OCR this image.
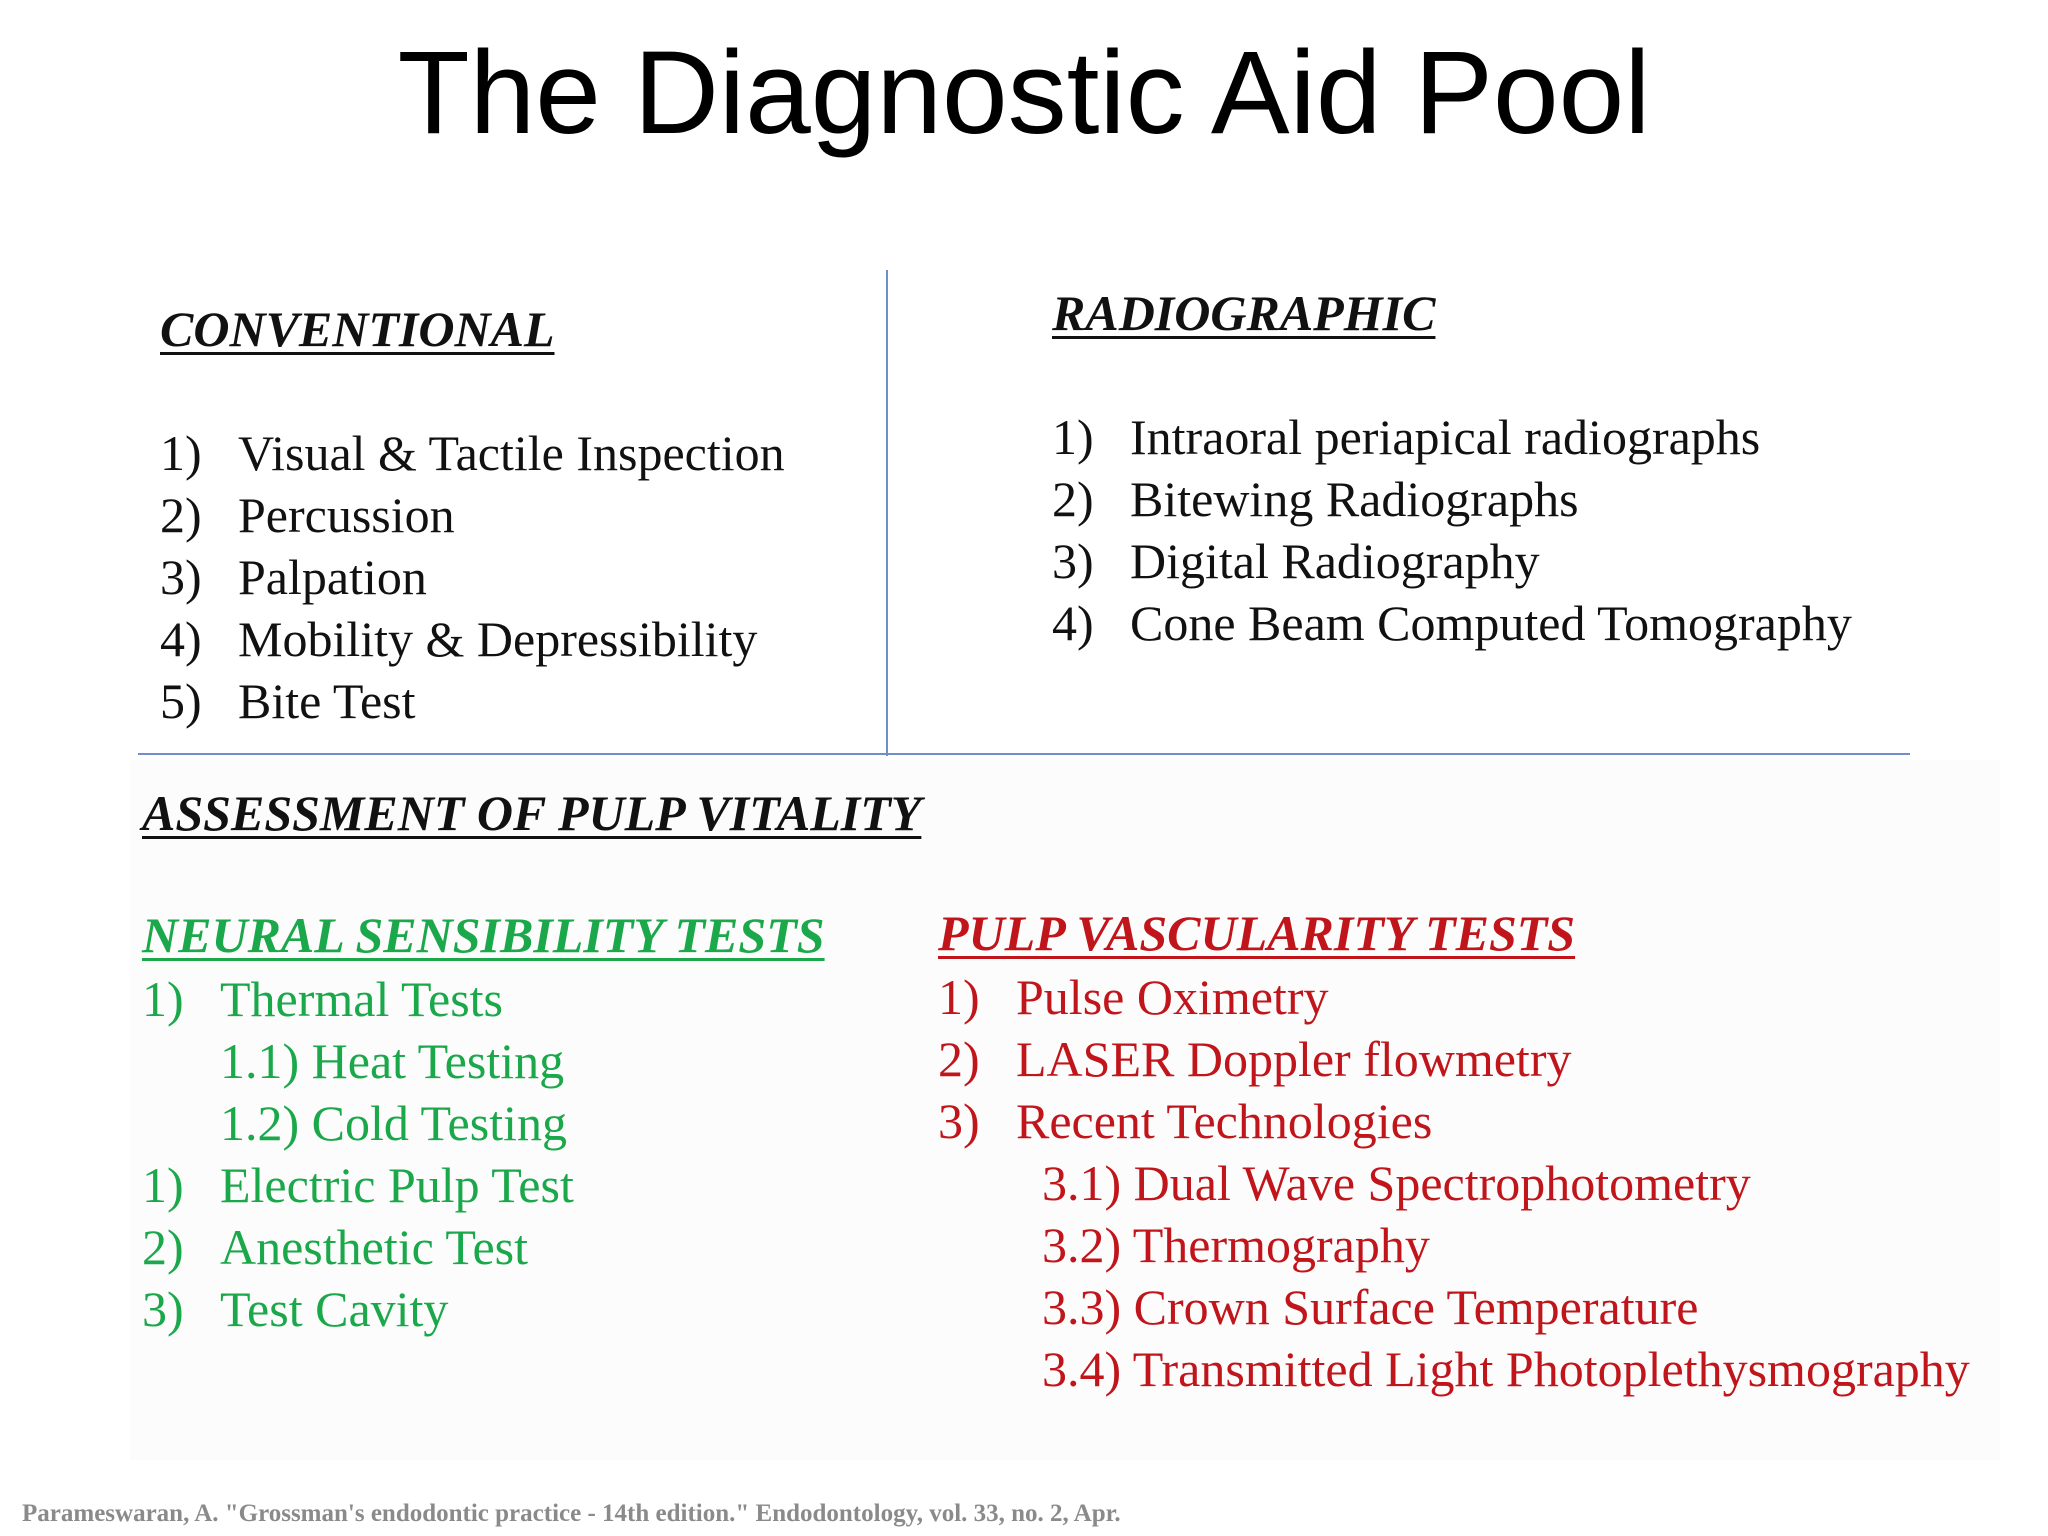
The Diagnostic Aid Pool
CONVENTIONAL
1) Visual & Tactile Inspection
2) Percussion
3) Palpation
4) Mobility & Depressibility
5) Bite Test
RADIOGRAPHIC
1) Intraoral periapical radiographs
2) Bitewing Radiographs
3) Digital Radiography
4) Cone Beam Computed Tomography
ASSESSMENT OF PULP VITALITY
NEURAL SENSIBILITY TESTS
1) Thermal Tests
1.1) Heat Testing
1.2) Cold Testing
1) Electric Pulp Test
2) Anesthetic Test
3) Test Cavity
PULP VASCULARITY TESTS
1) Pulse Oximetry
2) LASER Doppler flowmetry
3) Recent Technologies
3.1) Dual Wave Spectrophotometry
3.2) Thermography
3.3) Crown Surface Temperature
3.4) Transmitted Light Photoplethysmography
Parameswaran, A. "Grossman's endodontic practice - 14th edition." Endodontology, vol. 33, no. 2, Apr.
